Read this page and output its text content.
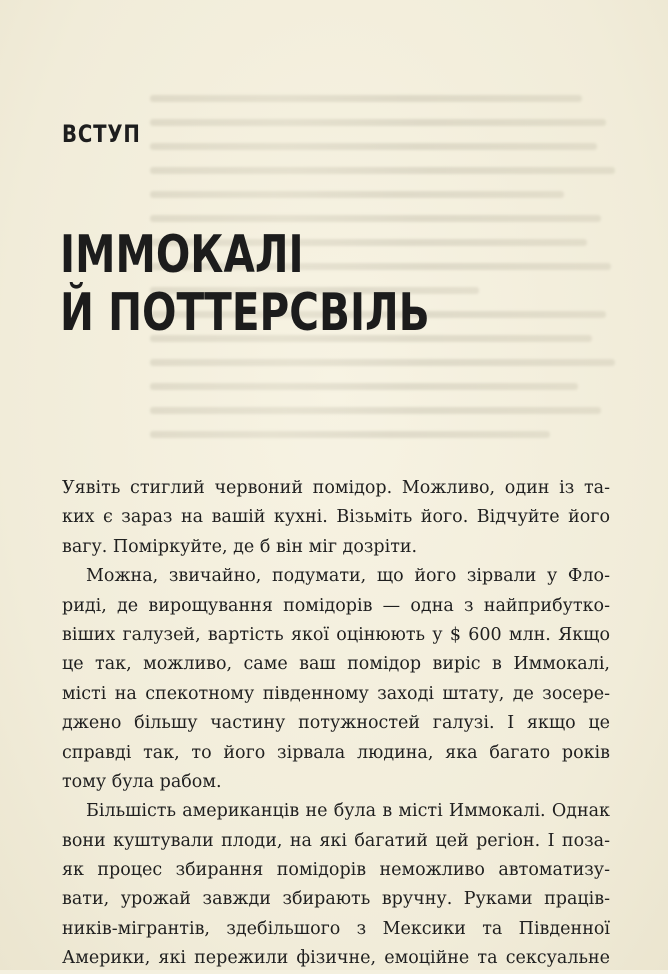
ВСТУП
ІММОКАЛІ
Й ПОТТЕРСВІЛЬ
Уявіть стиглий червоний помідор. Можливо, один із та-
ких є зараз на вашій кухні. Візьміть його. Відчуйте його
вагу. Поміркуйте, де б він міг дозріти.
Можна, звичайно, подумати, що його зірвали у Фло-
риді, де вирощування помідорів — одна з найприбутко-
віших галузей, вартість якої оцінюють у $ 600 млн. Якщо
це так, можливо, саме ваш помідор виріс в Иммокалі,
місті на спекотному південному заході штату, де зосере-
джено більшу частину потужностей галузі. І якщо це
справді так, то його зірвала людина, яка багато років
тому була рабом.
Більшість американців не була в місті Иммокалі. Однак
вони куштували плоди, на які багатий цей регіон. І поза-
як процес збирання помідорів неможливо автоматизу-
вати, урожай завжди збирають вручну. Руками праців-
ників-мігрантів, здебільшого з Мексики та Південної
Америки, які пережили фізичне, емоційне та сексуальне
